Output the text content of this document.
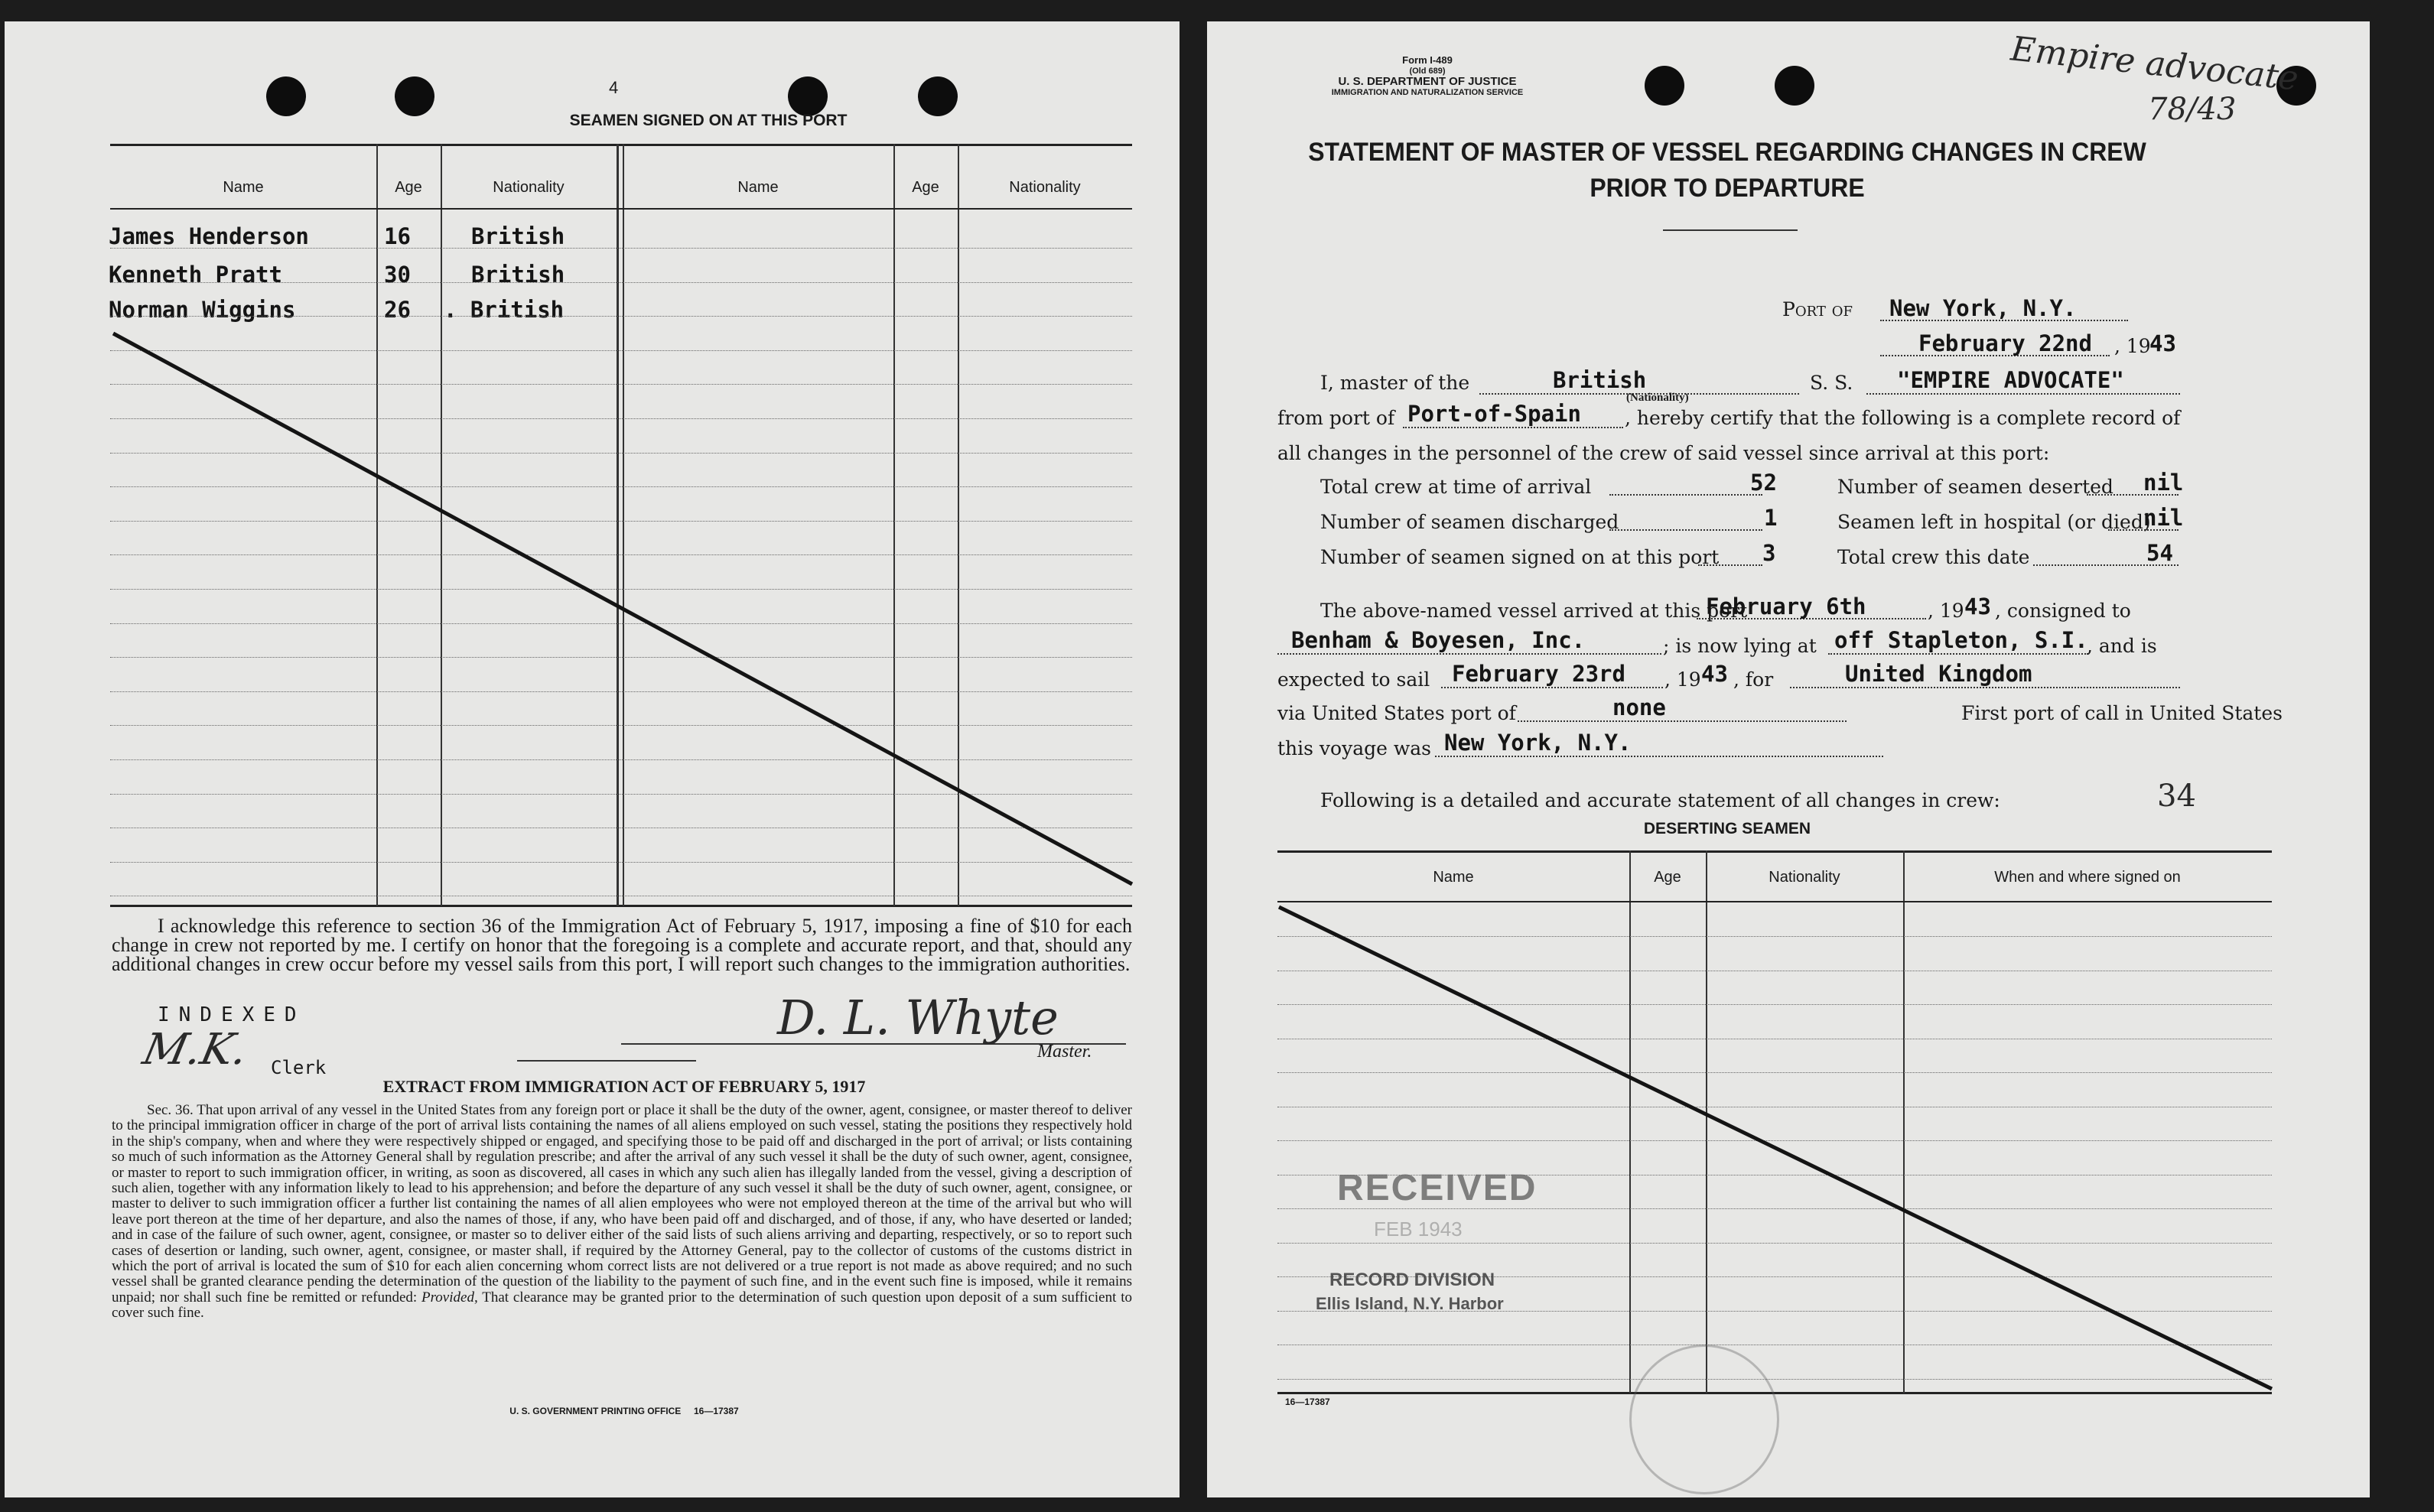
4
SEAMEN SIGNED ON AT THIS PORT
Name	Age	Nationality	Name	Age	Nationality
James Henderson	16	British
Kenneth Pratt	30	British
Norman Wiggins	26 . British
I acknowledge this reference to section 36 of the Immigration Act of February 5, 1917, imposing a fine of $10 for each change in crew not reported by me. I certify on honor that the foregoing is a complete and accurate report, and that, should any additional changes in crew occur before my vessel sails from this port, I will report such changes to the immigration authorities.
INDEXED
M.K. Clerk
D. L. Whyte
Master.
EXTRACT FROM IMMIGRATION ACT OF FEBRUARY 5, 1917
Sec. 36. That upon arrival of any vessel in the United States from any foreign port or place it shall be the duty of the owner, agent, consignee, or master thereof to deliver to the principal immigration officer in charge of the port of arrival lists containing the names of all aliens employed on such vessel, stating the positions they respectively hold in the ship's company, when and where they were respectively shipped or engaged, and specifying those to be paid off and discharged in the port of arrival; or lists containing so much of such information as the Attorney General shall by regulation prescribe; and after the arrival of any such vessel it shall be the duty of such owner, agent, consignee, or master to report to such immigration officer, in writing, as soon as discovered, all cases in which any such alien has illegally landed from the vessel, giving a description of such alien, together with any information likely to lead to his apprehension; and before the departure of any such vessel it shall be the duty of such owner, agent, consignee, or master to deliver to such immigration officer a further list containing the names of all alien employees who were not employed thereon at the time of the arrival but who will leave port thereon at the time of her departure, and also the names of those, if any, who have been paid off and discharged, and of those, if any, who have deserted or landed; and in case of the failure of such owner, agent, consignee, or master so to deliver either of the said lists of such aliens arriving and departing, respectively, or so to report such cases of desertion or landing, such owner, agent, consignee, or master shall, if required by the Attorney General, pay to the collector of customs of the customs district in which the port of arrival is located the sum of $10 for each alien concerning whom correct lists are not delivered or a true report is not made as above required; and no such vessel shall be granted clearance pending the determination of the question of the liability to the payment of such fine, and in the event such fine is imposed, while it remains unpaid; nor shall such fine be remitted or refunded: Provided, That clearance may be granted prior to the determination of such question upon deposit of a sum sufficient to cover such fine.
U. S. GOVERNMENT PRINTING OFFICE     16—17387
Form I-489
(Old 689)
U. S. DEPARTMENT OF JUSTICE
IMMIGRATION AND NATURALIZATION SERVICE	Empire advocate
78/43
STATEMENT OF MASTER OF VESSEL REGARDING CHANGES IN CREW
PRIOR TO DEPARTURE
Port of New York, N.Y.
February 22nd , 19
43
I, master of the	British
(Nationality)
S. S. "EMPIRE ADVOCATE"
from port of Port-of-Spain , hereby certify that the following is a complete record of
all changes in the personnel of the crew of said vessel since arrival at this port:
Total crew at time of arrival	52
Number of seamen discharged	1
Number of seamen signed on at this port 3
Number of seamen deserted nil
Seamen left in hospital (or died)
nil
Total crew this date	54
The above-named vessel arrived at this port
February 6th	, 19 43 , consigned to
Benham & Boyesen, Inc.	; is now lying at off Stapleton, S.I.
, and is
expected to sail February 23rd , 19 43 , for	United Kingdom
via United States port of	none	First port of call in United States
this voyage was New York, N.Y.
Following is a detailed and accurate statement of all changes in crew:	34
DESERTING SEAMEN
Name	Age	Nationality	When and where signed on
RECEIVED
FEB 1943
RECORD DIVISION
Ellis Island, N.Y. Harbor
16—17387
